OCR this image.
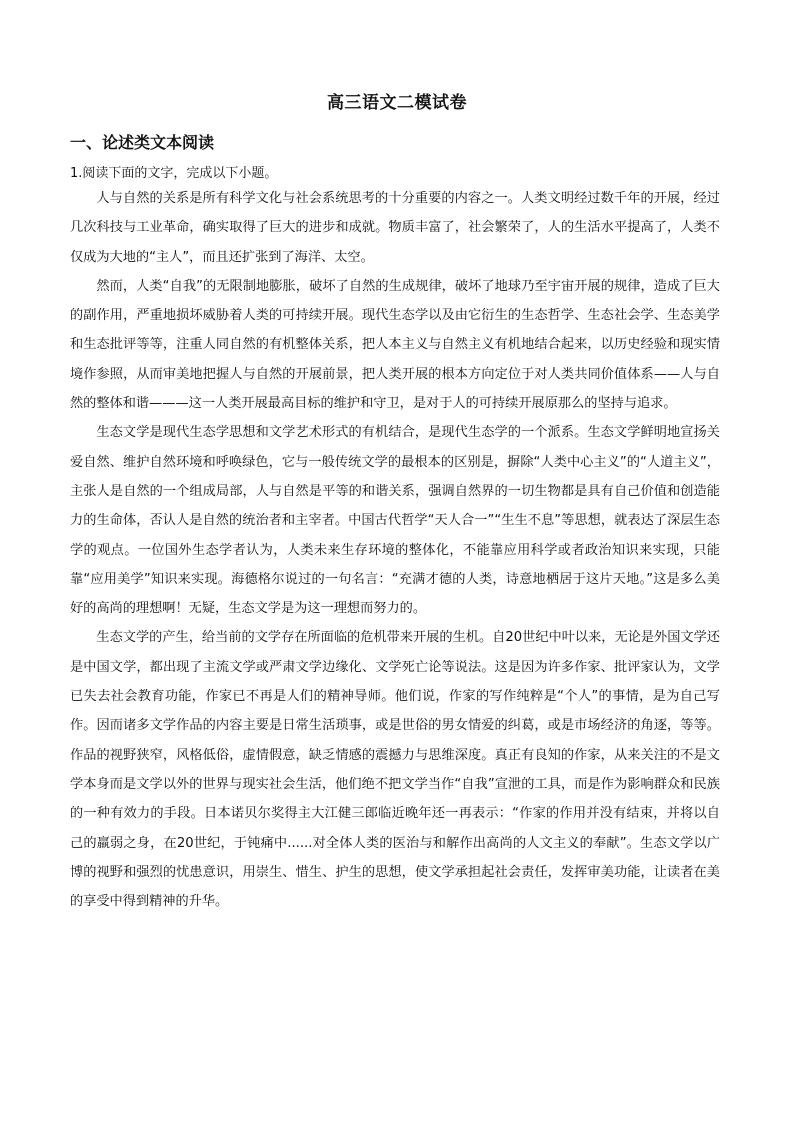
高三语文二模试卷
一、论述类文本阅读
1.阅读下面的文字，完成以下小题。

人与自然的关系是所有科学文化与社会系统思考的十分重要的内容之一。人类文明经过数千年的开展，经过几次科技与工业革命，确实取得了巨大的进步和成就。物质丰富了，社会繁荣了，人的生活水平提高了，人类不仅成为大地的“主人”，而且还扩张到了海洋、太空。

然而，人类“自我”的无限制地膨胀，破坏了自然的生成规律，破坏了地球乃至宇宙开展的规律，造成了巨大的副作用，严重地损坏威胁着人类的可持续开展。现代生态学以及由它衍生的生态哲学、生态社会学、生态美学和生态批评等等，注重人同自然的有机整体关系，把人本主义与自然主义有机地结合起来，以历史经验和现实情境作参照，从而审美地把握人与自然的开展前景，把人类开展的根本方向定位于对人类共同价值体系——人与自然的整体和谐———这一人类开展最高目标的维护和守卫，是对于人的可持续开展原那么的坚持与追求。

生态文学是现代生态学思想和文学艺术形式的有机结合，是现代生态学的一个派系。生态文学鲜明地宣扬关爱自然、维护自然环境和呼唤绿色，它与一般传统文学的最根本的区别是，摒除“人类中心主义”的“人道主义”，主张人是自然的一个组成局部，人与自然是平等的和谐关系，强调自然界的一切生物都是具有自己价值和创造能力的生命体，否认人是自然的统治者和主宰者。中国古代哲学“天人合一”“生生不息”等思想，就表达了深层生态学的观点。一位国外生态学者认为，人类未来生存环境的整体化，不能靠应用科学或者政治知识来实现，只能靠“应用美学”知识来实现。海德格尔说过的一句名言：“充满才德的人类，诗意地栖居于这片天地。”这是多么美好的高尚的理想啊！无疑，生态文学是为这一理想而努力的。

生态文学的产生，给当前的文学存在所面临的危机带来开展的生机。自20世纪中叶以来，无论是外国文学还是中国文学，都出现了主流文学或严肃文学边缘化、文学死亡论等说法。这是因为许多作家、批评家认为，文学已失去社会教育功能，作家已不再是人们的精神导师。他们说，作家的写作纯粹是“个人”的事情，是为自己写作。因而诸多文学作品的内容主要是日常生活琐事，或是世俗的男女情爱的纠葛，或是市场经济的角逐，等等。作品的视野狭窄，风格低俗，虚情假意，缺乏情感的震撼力与思维深度。真正有良知的作家，从来关注的不是文学本身而是文学以外的世界与现实社会生活，他们绝不把文学当作“自我”宣泄的工具，而是作为影响群众和民族的一种有效力的手段。日本诺贝尔奖得主大江健三郎临近晚年还一再表示：“作家的作用并没有结束，并将以自己的羸弱之身，在20世纪，于钝痛中......对全体人类的医治与和解作出高尚的人文主义的奉献”。生态文学以广博的视野和强烈的忧患意识，用崇生、惜生、护生的思想，使文学承担起社会责任，发挥审美功能，让读者在美的享受中得到精神的升华。
